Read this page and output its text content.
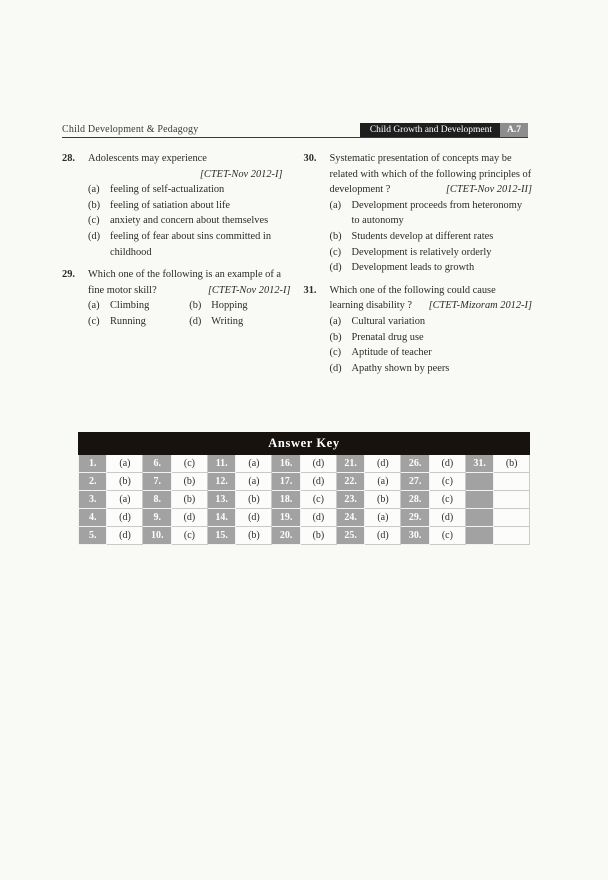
Child Development & Pedagogy	Child Growth and Development	A.7
28.	Adolescents may experience
[CTET-Nov 2012-I]
(a)	feeling of self-actualization
(b) feeling of satiation about life
(c)	anxiety and concern about themselves
(d) feeling of fear about sins committed in childhood
29.	Which one of the following is an example of a fine motor skill?	[CTET-Nov 2012-I]
(a)	Climbing	(b) Hopping
(c)	Running	(d) Writing
30.	Systematic presentation of concepts may be related with which of the following principles of development ?	[CTET-Nov 2012-II]
(a)	Development proceeds from heteronomy to autonomy
(b) Students develop at different rates
(c)	Development is relatively orderly
(d) Development leads to growth
31.	Which one of the following could cause learning disability ? [CTET-Mizoram 2012-I]
(a)	Cultural variation
(b) Prenatal drug use
(c)	Aptitude of teacher
(d) Apathy shown by peers
Answer Key													
1.	(a)	6.	(c)	11.	(a)	16.	(d)	21.	(d)	26.	(d)	31.	(b)
2.	(b)	7.	(b)	12.	(a)	17.	(d)	22.	(a)	27.	(c)		
3.	(a)	8.	(b)	13.	(b)	18.	(c)	23.	(b)	28.	(c)		
4.	(d)	9.	(d)	14.	(d)	19.	(d)	24.	(a)	29.	(d)		
5.	(d)	10.	(c)	15.	(b)	20.	(b)	25.	(d)	30.	(c)		
